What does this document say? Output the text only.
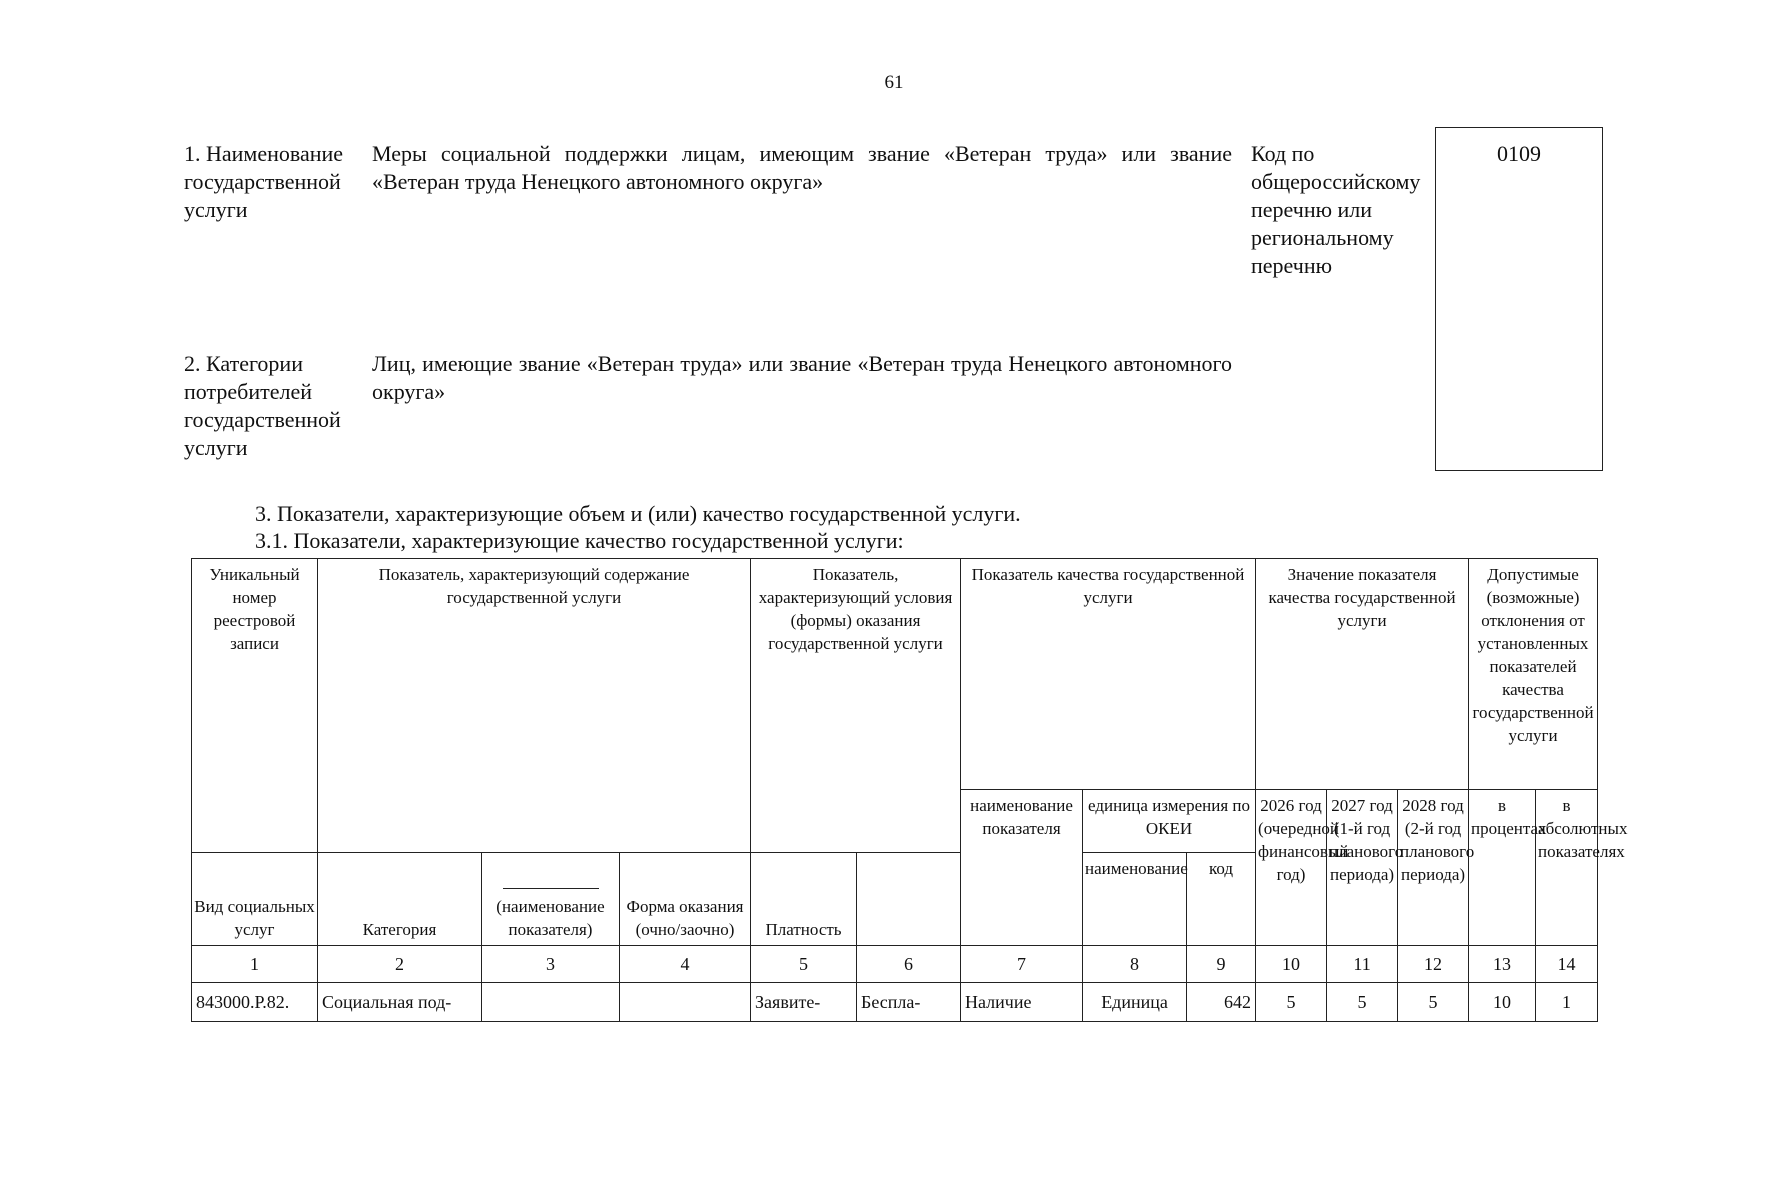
61
1. Наименование государственной услуги
Меры социальной поддержки лицам, имеющим звание «Ветеран труда» или звание «Ветеран труда Ненецкого автономного округа»
Код по общероссийскому перечню или региональному перечню
0109
2. Категории потребителей государственной услуги
Лиц, имеющие звание «Ветеран труда» или звание «Ветеран труда Ненецкого автономного округа»
3. Показатели, характеризующие объем и (или) качество государственной услуги.
3.1. Показатели, характеризующие качество государственной услуги:
Уникальный номер реестровой записи	Показатель, характеризующий содержание государственной услуги			Показатель, характеризующий условия (формы) оказания государственной услуги		Показатель качества государственной услуги			Значение показателя качества государственной услуги			Допустимые (возможные) отклонения от установленных показателей качества государственной услуги	
						наименование показателя	единица измерения по ОКЕИ		2026 год (очередной финансовый год)	2027 год (1-й год планового периода)	2028 год (2-й год планового периода)	в процентах	в абсолютных показателях
							наименование	код					
Вид социальных услуг	Категория	(наименование показателя)	Форма оказания (очно/заочно)	Платность									
1	2	3	4	5	6	7	8	9	10	11	12	13	14
843000.Р.82.	Социальная под-			Заявите-	Бесплa-	Наличие	Единица	642	5	5	5	10	1
